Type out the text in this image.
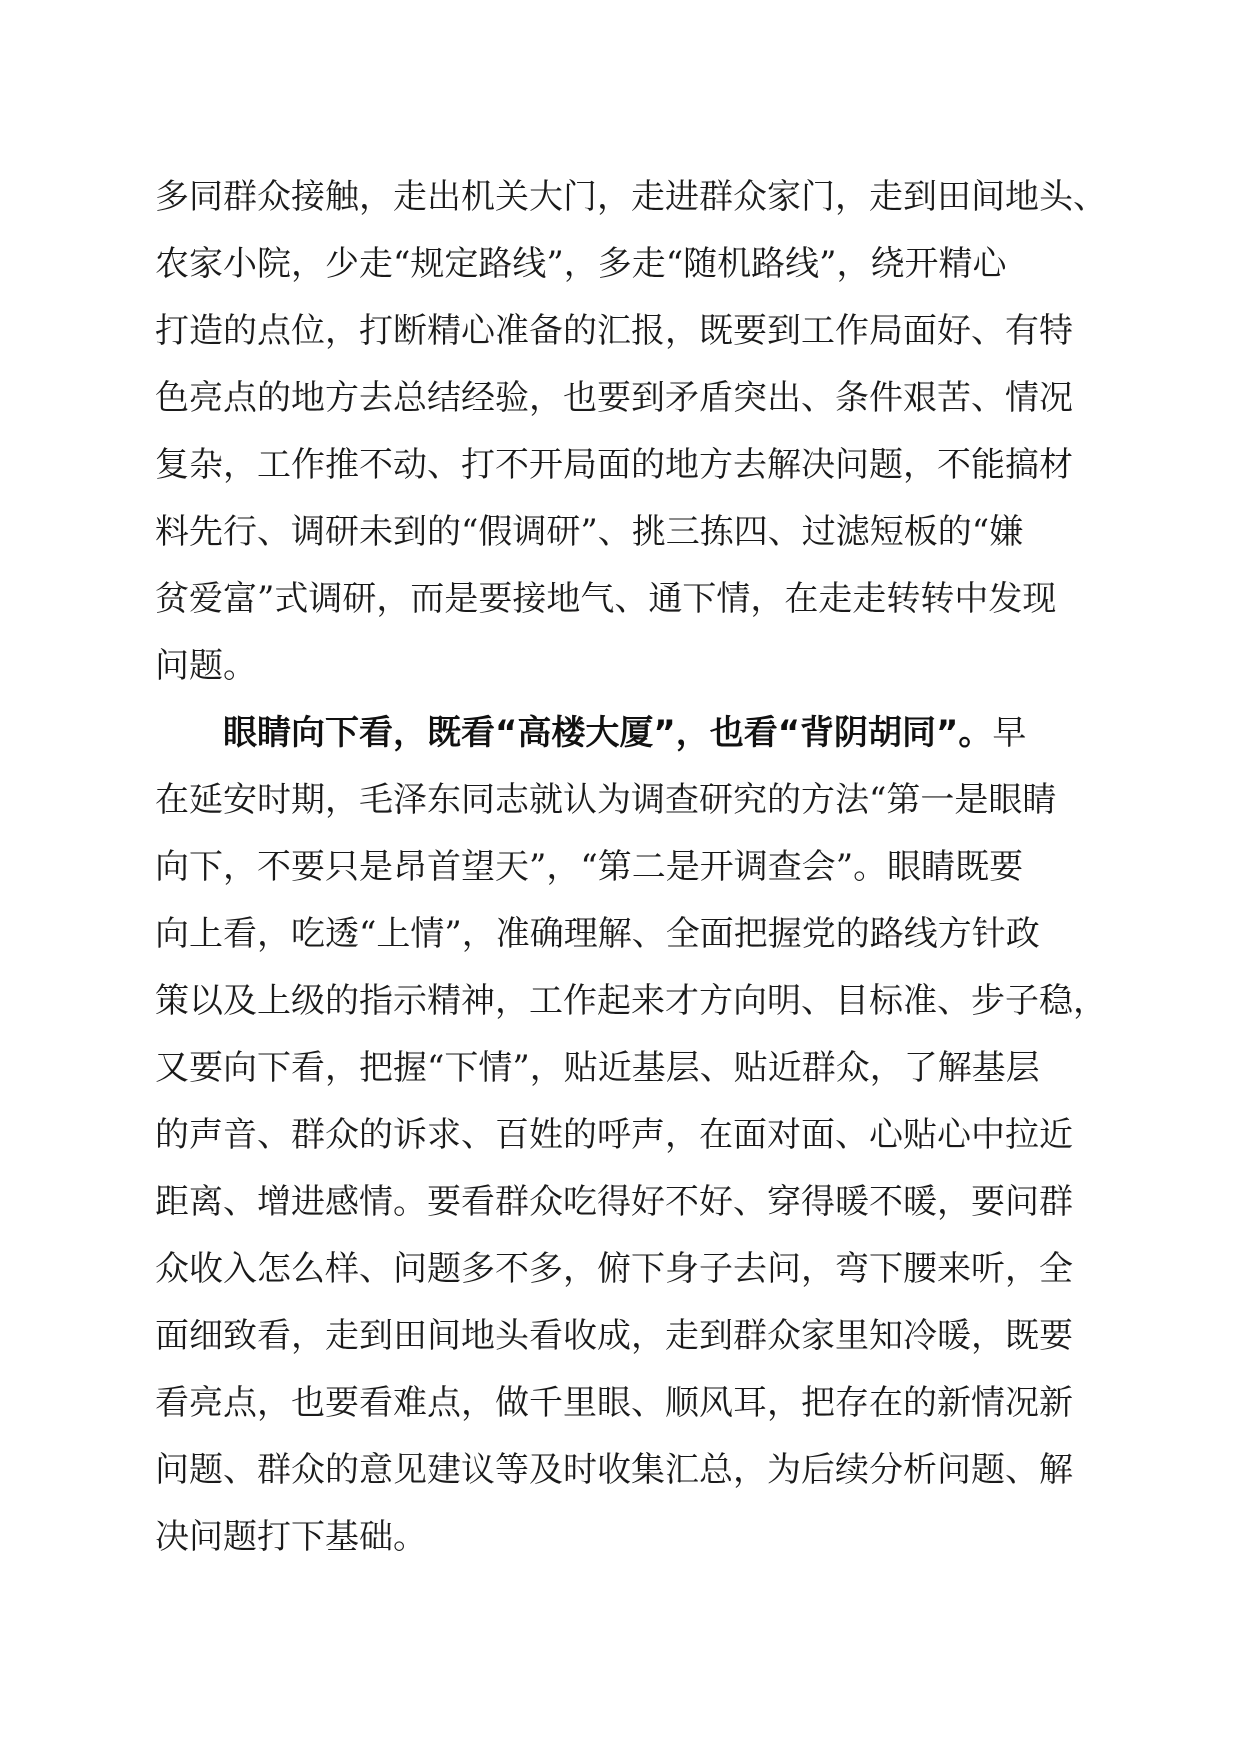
多同群众接触，走出机关大门，走进群众家门，走到田间地头、
农家小院，少走“规定路线”，多走“随机路线”，绕开精心
打造的点位，打断精心准备的汇报，既要到工作局面好、有特
色亮点的地方去总结经验，也要到矛盾突出、条件艰苦、情况
复杂，工作推不动、打不开局面的地方去解决问题，不能搞材
料先行、调研未到的“假调研”、挑三拣四、过滤短板的“嫌
贫爱富”式调研，而是要接地气、通下情，在走走转转中发现
问题。
眼睛向下看，既看“高楼大厦”，也看“背阴胡同”。早
在延安时期，毛泽东同志就认为调查研究的方法“第一是眼睛
向下，不要只是昂首望天”，“第二是开调查会”。眼睛既要
向上看，吃透“上情”，准确理解、全面把握党的路线方针政
策以及上级的指示精神，工作起来才方向明、目标准、步子稳，
又要向下看，把握“下情”，贴近基层、贴近群众，了解基层
的声音、群众的诉求、百姓的呼声，在面对面、心贴心中拉近
距离、增进感情。要看群众吃得好不好、穿得暖不暖，要问群
众收入怎么样、问题多不多，俯下身子去问，弯下腰来听，全
面细致看，走到田间地头看收成，走到群众家里知冷暖，既要
看亮点，也要看难点，做千里眼、顺风耳，把存在的新情况新
问题、群众的意见建议等及时收集汇总，为后续分析问题、解
决问题打下基础。
